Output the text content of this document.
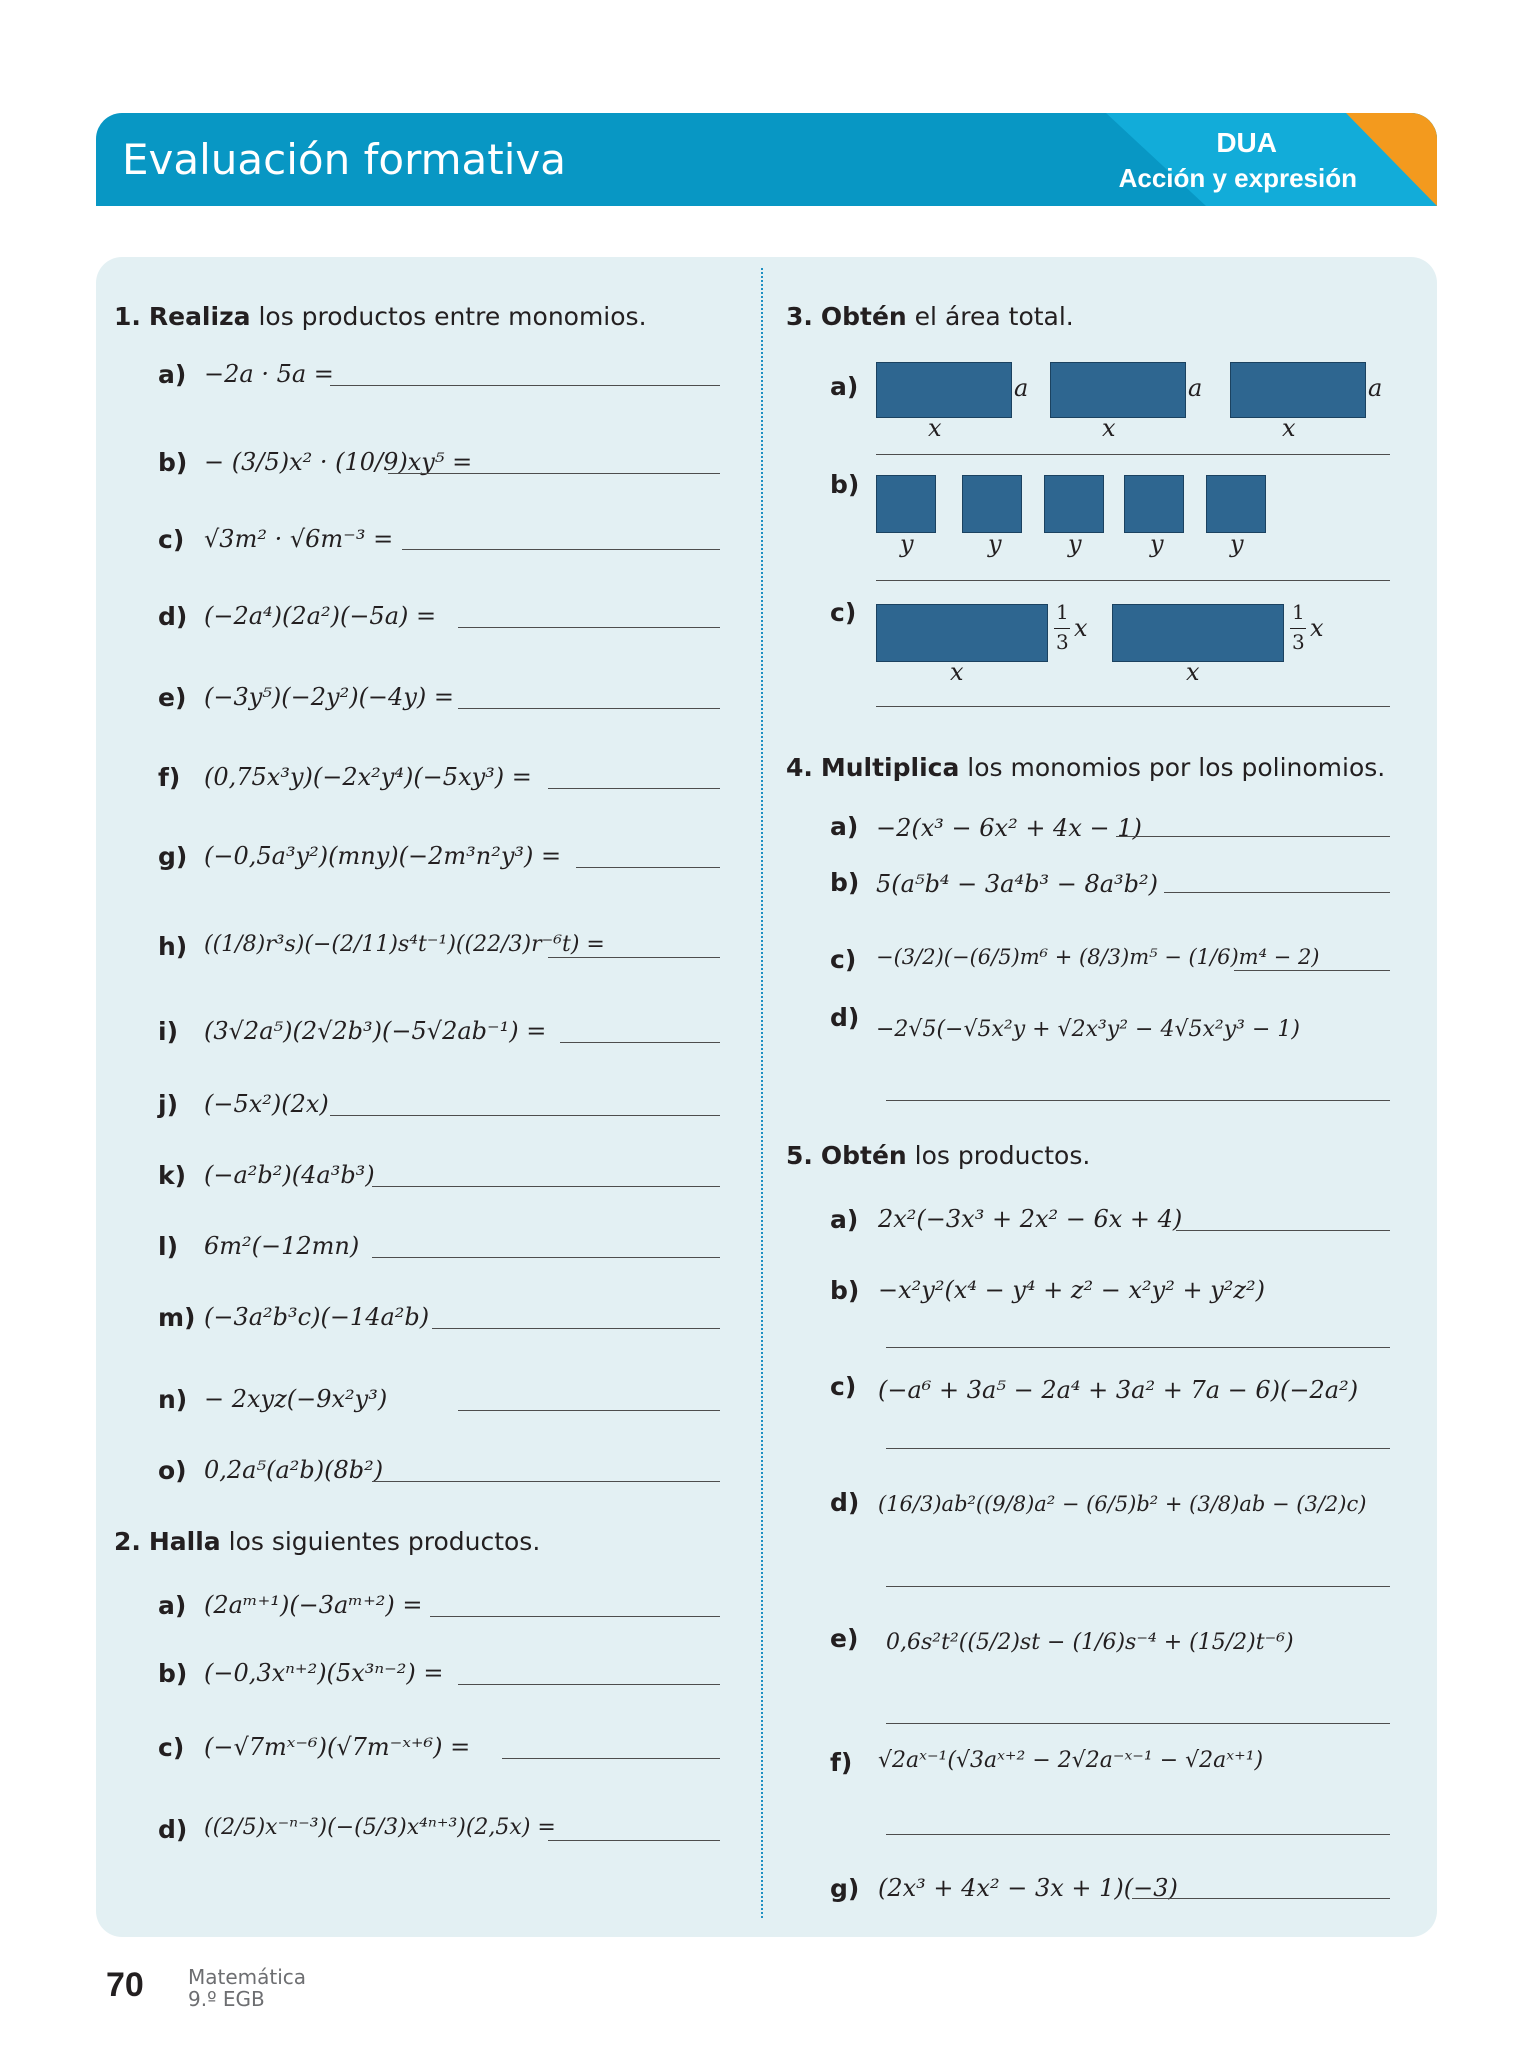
Evaluación formativa	DUA
Acción y expresión
1. Realiza los productos entre monomios.
a) −2a · 5a =
b) − (3/5)x² · (10/9)xy⁵ =
c) √3m² · √6m⁻³ =
d) (−2a⁴)(2a²)(−5a) =
e) (−3y⁵)(−2y²)(−4y) =
f) (0,75x³y)(−2x²y⁴)(−5xy³) =
g) (−0,5a³y²)(mny)(−2m³n²y³) =
h) ((1/8)r³s)(−(2/11)s⁴t⁻¹)((22/3)r⁻⁶t) =
i) (3√2a⁵)(2√2b³)(−5√2ab⁻¹) =
j) (−5x²)(2x)
k) (−a²b²)(4a³b³)
l) 6m²(−12mn)
m) (−3a²b³c)(−14a²b)
n) − 2xyz(−9x²y³)
o) 0,2a⁵(a²b)(8b²)
2. Halla los siguientes productos.
a) (2aᵐ⁺¹)(−3aᵐ⁺²) =
b) (−0,3xⁿ⁺²)(5x³ⁿ⁻²) =
c) (−√7mˣ⁻⁶)(√7m⁻ˣ⁺⁶) =
d) ((2/5)x⁻ⁿ⁻³)(−(5/3)x⁴ⁿ⁺³)(2,5x) =
3. Obtén el área total.
a)	a
x
a
x
a
x
b)
y	y	y	y	y
c)
x
1
3 x
x
1
3 x
4. Multiplica los monomios por los polinomios.
a) −2(x³ − 6x² + 4x − 1)
b) 5(a⁵b⁴ − 3a⁴b³ − 8a³b²)
c) −(3/2)(−(6/5)m⁶ + (8/3)m⁵ − (1/6)m⁴ − 2)
d) −2√5(−√5x²y + √2x³y² − 4√5x²y³ − 1)
5. Obtén los productos.
a) 2x²(−3x³ + 2x² − 6x + 4)
b) −x²y²(x⁴ − y⁴ + z² − x²y² + y²z²)
c) (−a⁶ + 3a⁵ − 2a⁴ + 3a² + 7a − 6)(−2a²)
d) (16/3)ab²((9/8)a² − (6/5)b² + (3/8)ab − (3/2)c)
e) 0,6s²t²((5/2)st − (1/6)s⁻⁴ + (15/2)t⁻⁶)
f) √2aˣ⁻¹(√3aˣ⁺² − 2√2a⁻ˣ⁻¹ − √2aˣ⁺¹)
g) (2x³ + 4x² − 3x + 1)(−3)
70 Matemática
9.º EGB
